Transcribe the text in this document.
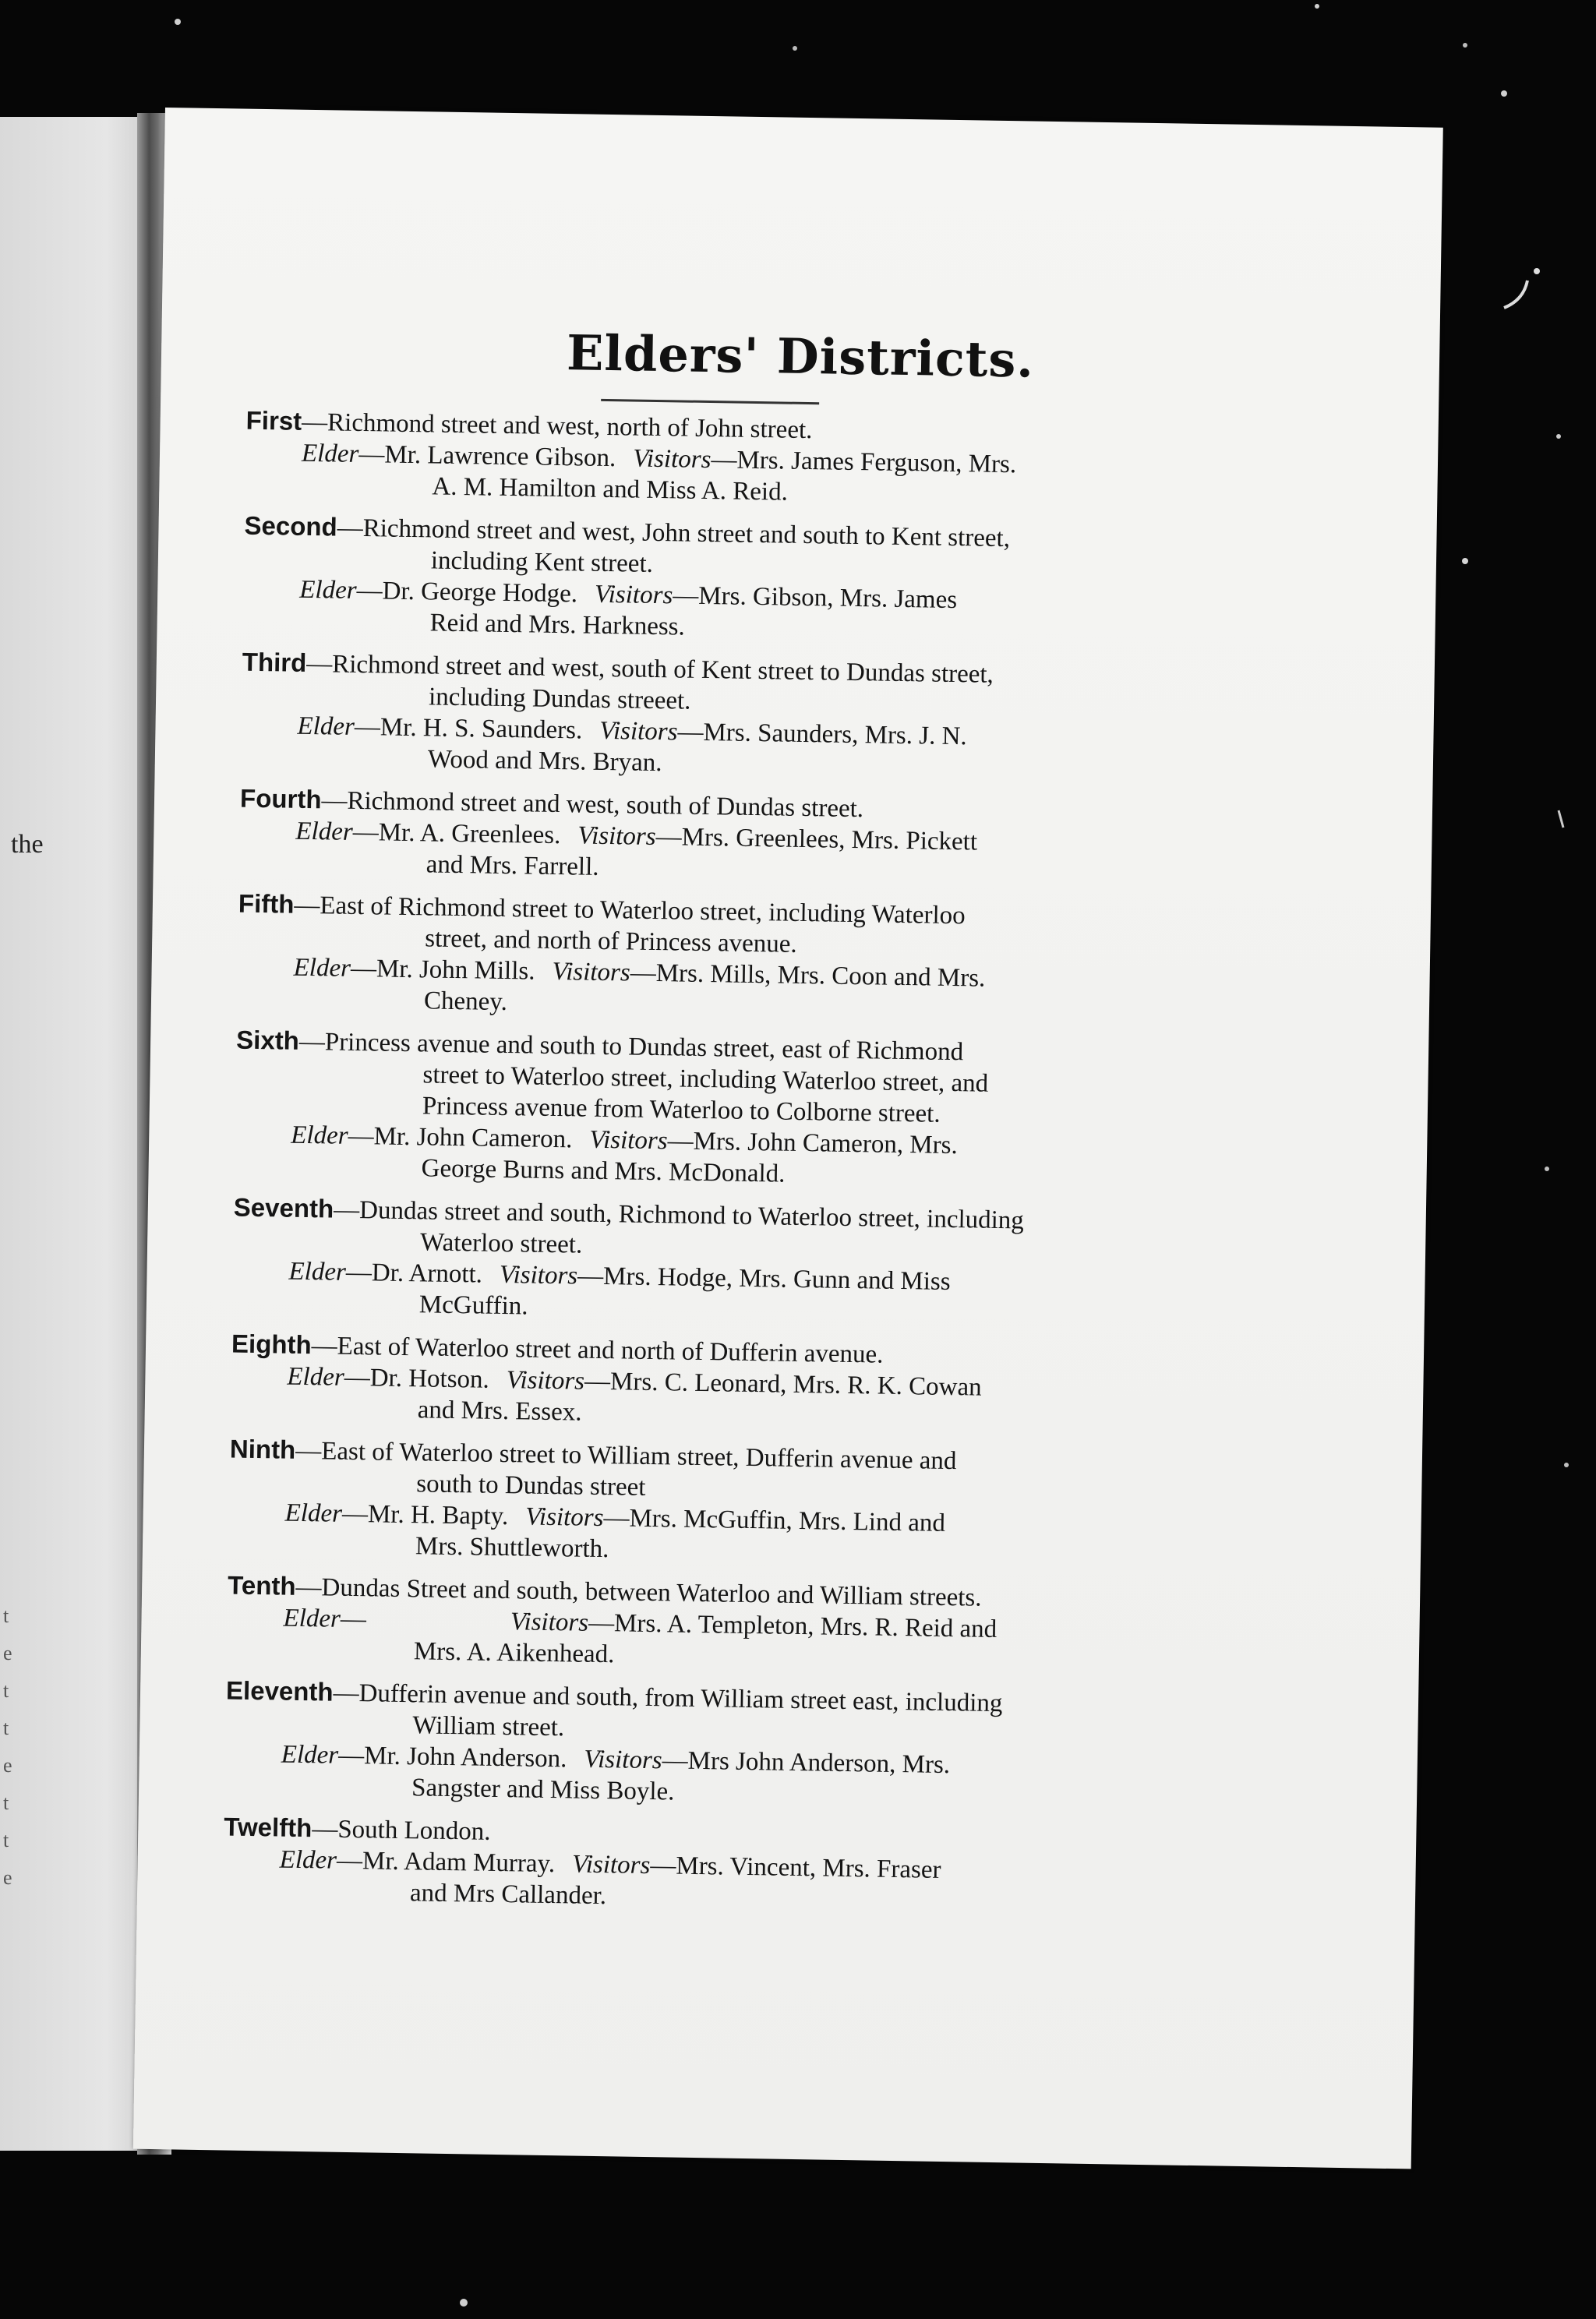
the
t
e
t
t
e
t
t
e
Elders' Districts.
First—Richmond street and west, north of John street.
Elder—Mr. Lawrence Gibson. Visitors—Mrs. James Ferguson, Mrs.
A. M. Hamilton and Miss A. Reid.
Second—Richmond street and west, John street and south to Kent street,
including Kent street.
Elder—Dr. George Hodge. Visitors—Mrs. Gibson, Mrs. James
Reid and Mrs. Harkness.
Third—Richmond street and west, south of Kent street to Dundas street,
including Dundas streeet.
Elder—Mr. H. S. Saunders. Visitors—Mrs. Saunders, Mrs. J. N.
Wood and Mrs. Bryan.
Fourth—Richmond street and west, south of Dundas street.
Elder—Mr. A. Greenlees. Visitors—Mrs. Greenlees, Mrs. Pickett
and Mrs. Farrell.
Fifth—East of Richmond street to Waterloo street, including Waterloo
street, and north of Princess avenue.
Elder—Mr. John Mills. Visitors—Mrs. Mills, Mrs. Coon and Mrs.
Cheney.
Sixth—Princess avenue and south to Dundas street, east of Richmond
street to Waterloo street, including Waterloo street, and
Princess avenue from Waterloo to Colborne street.
Elder—Mr. John Cameron. Visitors—Mrs. John Cameron, Mrs.
George Burns and Mrs. McDonald.
Seventh—Dundas street and south, Richmond to Waterloo street, including
Waterloo street.
Elder—Dr. Arnott. Visitors—Mrs. Hodge, Mrs. Gunn and Miss
McGuffin.
Eighth—East of Waterloo street and north of Dufferin avenue.
Elder—Dr. Hotson. Visitors—Mrs. C. Leonard, Mrs. R. K. Cowan
and Mrs. Essex.
Ninth—East of Waterloo street to William street, Dufferin avenue and
south to Dundas street
Elder—Mr. H. Bapty. Visitors—Mrs. McGuffin, Mrs. Lind and
Mrs. Shuttleworth.
Tenth—Dundas Street and south, between Waterloo and William streets.
Elder—	Visitors—Mrs. A. Templeton, Mrs. R. Reid and
Mrs. A. Aikenhead.
Eleventh—Dufferin avenue and south, from William street east, including
William street.
Elder—Mr. John Anderson. Visitors—Mrs John Anderson, Mrs.
Sangster and Miss Boyle.
Twelfth—South London.
Elder—Mr. Adam Murray. Visitors—Mrs. Vincent, Mrs. Fraser
and Mrs Callander.
